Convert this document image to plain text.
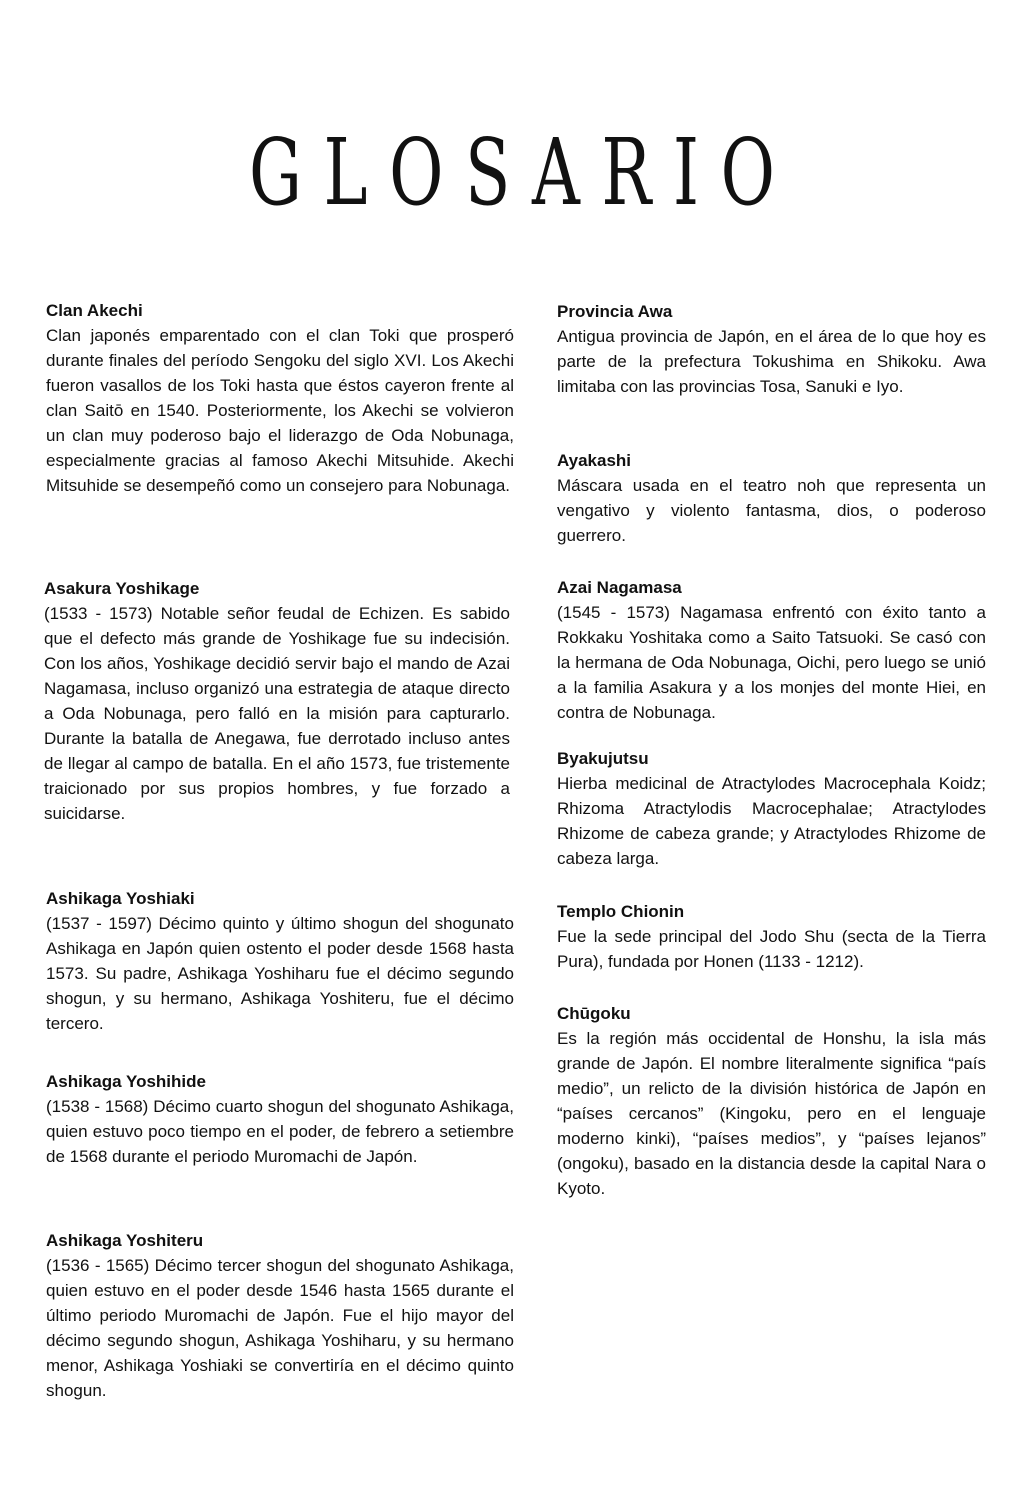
GLOSARIO

Clan Akechi

Clan japonés emparentado con el clan Toki que prosperó durante finales del período Sengoku del siglo XVI. Los Akechi fueron vasallos de los Toki hasta que éstos cayeron frente al clan Saitō en 1540. Posteriormente, los Akechi se volvieron un clan muy poderoso bajo el liderazgo de Oda Nobunaga, especialmente gracias al famoso Akechi Mitsuhide. Akechi Mitsuhide se desempeñó como un consejero para Nobunaga.

Asakura Yoshikage

(1533 - 1573) Notable señor feudal de Echizen. Es sabido que el defecto más grande de Yoshikage fue su indecisión. Con los años, Yoshikage decidió servir bajo el mando de Azai Nagamasa, incluso organizó una estrategia de ataque directo a Oda Nobunaga, pero falló en la misión para capturarlo. Durante la batalla de Anegawa, fue derrotado incluso antes de llegar al campo de batalla. En el año 1573, fue tristemente traicionado por sus propios hombres, y fue forzado a suicidarse.

Ashikaga Yoshiaki

(1537 - 1597) Décimo quinto y último shogun del shogunato Ashikaga en Japón quien ostento el poder desde 1568 hasta 1573. Su padre, Ashikaga Yoshiharu fue el décimo segundo shogun, y su hermano, Ashikaga Yoshiteru, fue el décimo tercero.

Ashikaga Yoshihide

(1538 - 1568) Décimo cuarto shogun del shogunato Ashikaga, quien estuvo poco tiempo en el poder, de febrero a setiembre de 1568 durante el periodo Muromachi de Japón.

Ashikaga Yoshiteru

(1536 - 1565) Décimo tercer shogun del shogunato Ashikaga, quien estuvo en el poder desde 1546 hasta 1565 durante el último periodo Muromachi de Japón. Fue el hijo mayor del décimo segundo shogun, Ashikaga Yoshiharu, y su hermano menor, Ashikaga Yoshiaki se convertiría en el décimo quinto shogun.

Provincia Awa

Antigua provincia de Japón, en el área de lo que hoy es parte de la prefectura Tokushima en Shikoku. Awa limitaba con las provincias Tosa, Sanuki e Iyo.

Ayakashi

Máscara usada en el teatro noh que representa un vengativo y violento fantasma, dios, o poderoso guerrero.

Azai Nagamasa

(1545 - 1573) Nagamasa enfrentó con éxito tanto a Rokkaku Yoshitaka como a Saito Tatsuoki. Se casó con la hermana de Oda Nobunaga, Oichi, pero luego se unió a la familia Asakura y a los monjes del monte Hiei, en contra de Nobunaga.

Byakujutsu

Hierba medicinal de Atractylodes Macrocephala Koidz; Rhizoma Atractylodis Macrocephalae; Atractylodes Rhizome de cabeza grande; y Atractylodes Rhizome de cabeza larga.

Templo Chionin

Fue la sede principal del Jodo Shu (secta de la Tierra Pura), fundada por Honen (1133 - 1212).

Chūgoku

Es la región más occidental de Honshu, la isla más grande de Japón. El nombre literalmente significa “país medio”, un relicto de la división histórica de Japón en “países cercanos” (Kingoku, pero en el lenguaje moderno kinki), “países medios”, y “países lejanos” (ongoku), basado en la distancia desde la capital Nara o Kyoto.
